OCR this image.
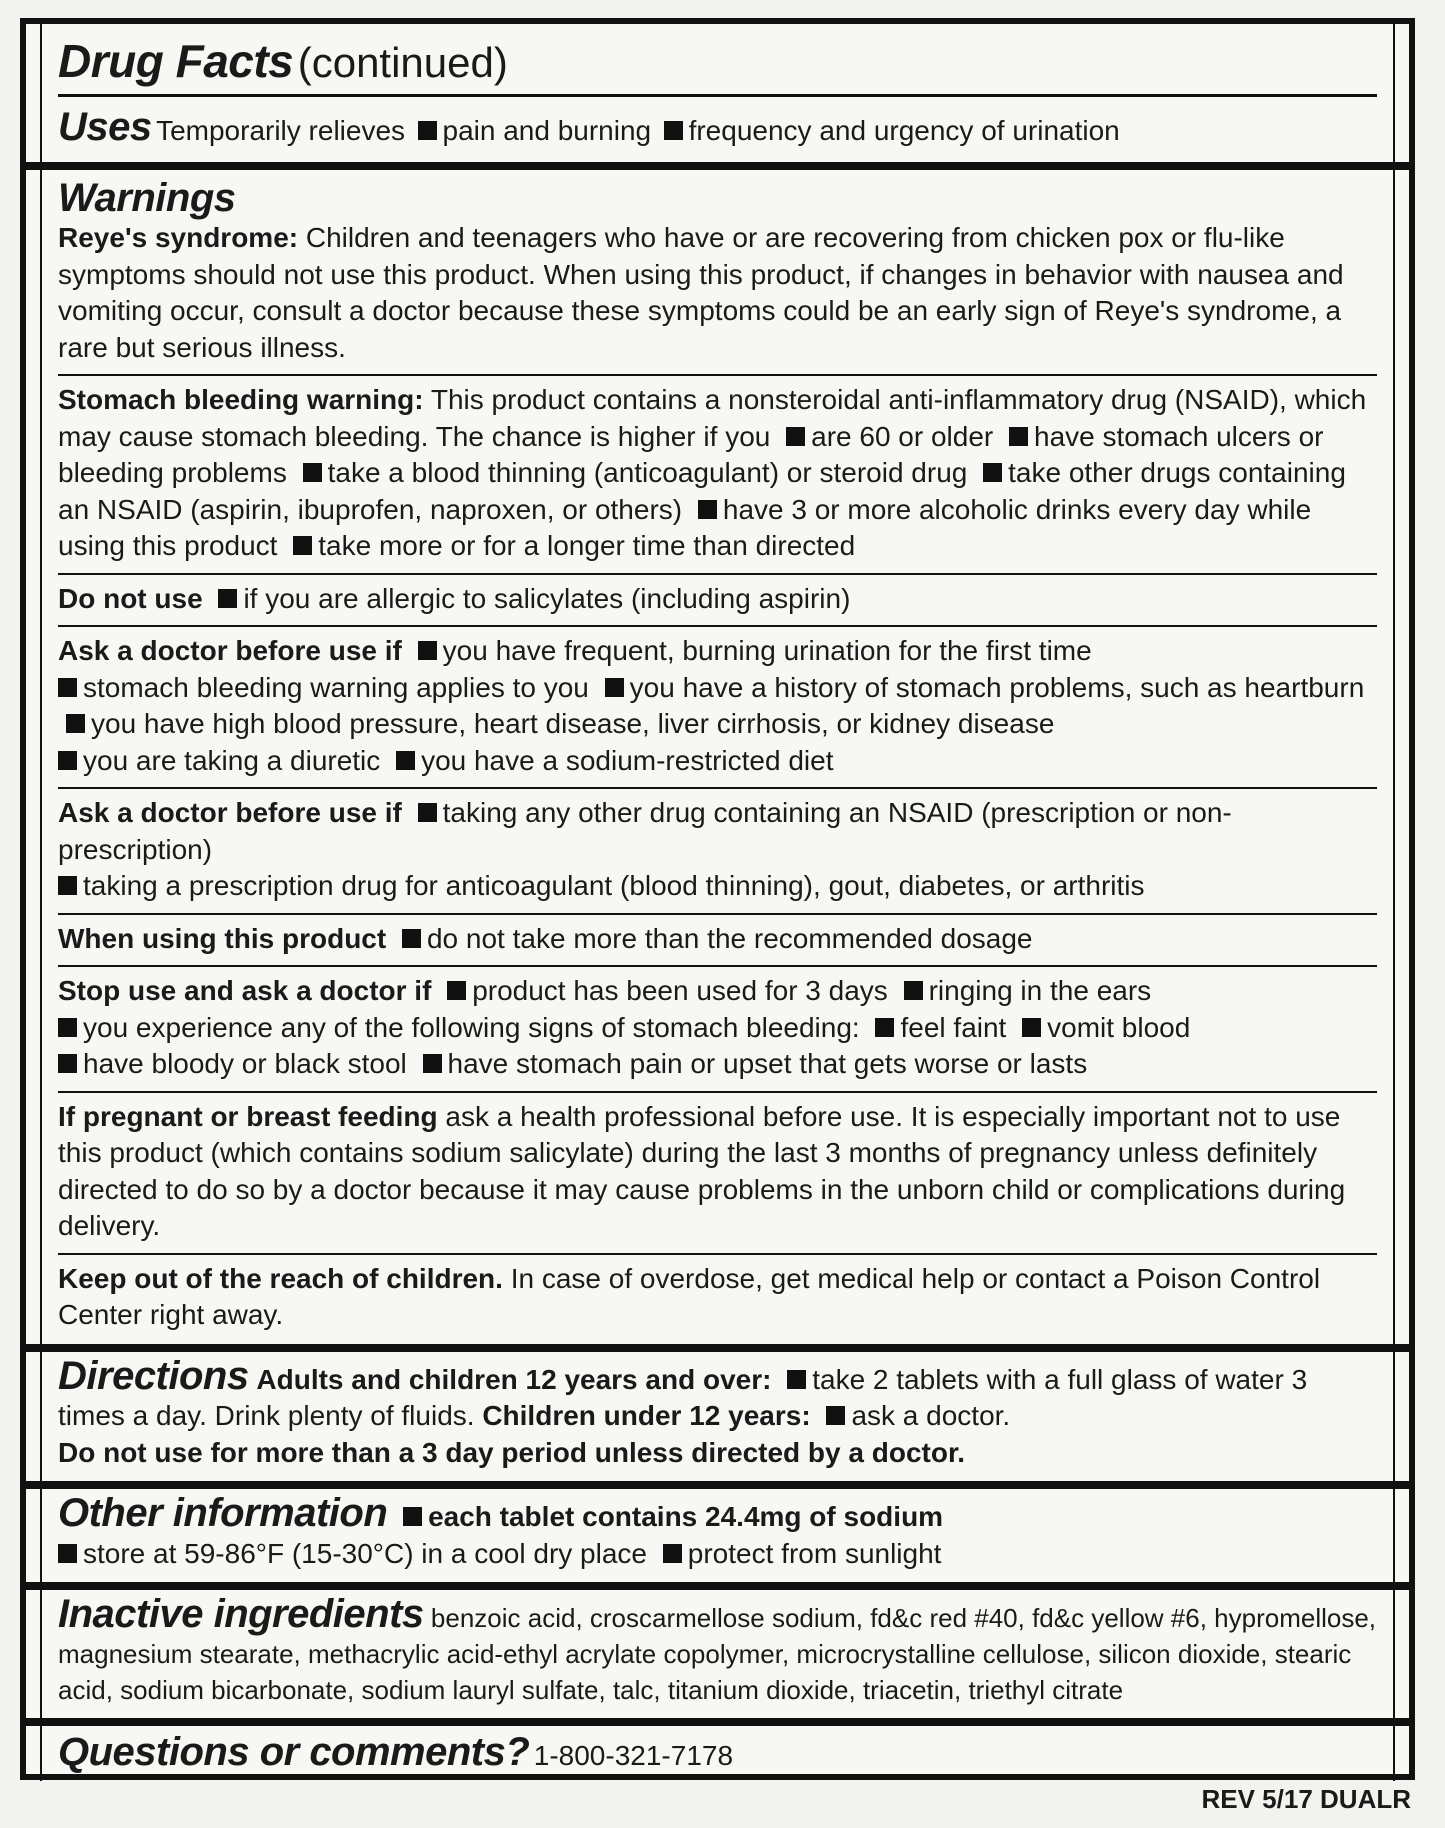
Drug Facts (continued)
Uses Temporarily relieves pain and burning frequency and urgency of urination
Warnings
Reye's syndrome: Children and teenagers who have or are recovering from chicken pox or flu-like symptoms should not use this product. When using this product, if changes in behavior with nausea and vomiting occur, consult a doctor because these symptoms could be an early sign of Reye's syndrome, a rare but serious illness.
Stomach bleeding warning: This product contains a nonsteroidal anti-inflammatory drug (NSAID), which may cause stomach bleeding. The chance is higher if you are 60 or older have stomach ulcers or bleeding problems take a blood thinning (anticoagulant) or steroid drug take other drugs containing an NSAID (aspirin, ibuprofen, naproxen, or others) have 3 or more alcoholic drinks every day while using this product take more or for a longer time than directed
Do not use if you are allergic to salicylates (including aspirin)
Ask a doctor before use if you have frequent, burning urination for the first time
stomach bleeding warning applies to you you have a history of stomach problems, such as heartburn you have high blood pressure, heart disease, liver cirrhosis, or kidney disease
you are taking a diuretic you have a sodium-restricted diet
Ask a doctor before use if taking any other drug containing an NSAID (prescription or non-prescription)
taking a prescription drug for anticoagulant (blood thinning), gout, diabetes, or arthritis
When using this product do not take more than the recommended dosage
Stop use and ask a doctor if product has been used for 3 days ringing in the ears
you experience any of the following signs of stomach bleeding: feel faint vomit blood
have bloody or black stool have stomach pain or upset that gets worse or lasts
If pregnant or breast feeding ask a health professional before use. It is especially important not to use this product (which contains sodium salicylate) during the last 3 months of pregnancy unless definitely directed to do so by a doctor because it may cause problems in the unborn child or complications during delivery.
Keep out of the reach of children. In case of overdose, get medical help or contact a Poison Control Center right away.
Directions Adults and children 12 years and over: take 2 tablets with a full glass of water 3 times a day. Drink plenty of fluids. Children under 12 years: ask a doctor.
Do not use for more than a 3 day period unless directed by a doctor.
Other information each tablet contains 24.4mg of sodium
store at 59-86°F (15-30°C) in a cool dry place protect from sunlight
Inactive ingredients benzoic acid, croscarmellose sodium, fd&c red #40, fd&c yellow #6, hypromellose, magnesium stearate, methacrylic acid-ethyl acrylate copolymer, microcrystalline cellulose, silicon dioxide, stearic acid, sodium bicarbonate, sodium lauryl sulfate, talc, titanium dioxide, triacetin, triethyl citrate
Questions or comments? 1-800-321-7178
REV 5/17 DUALR
